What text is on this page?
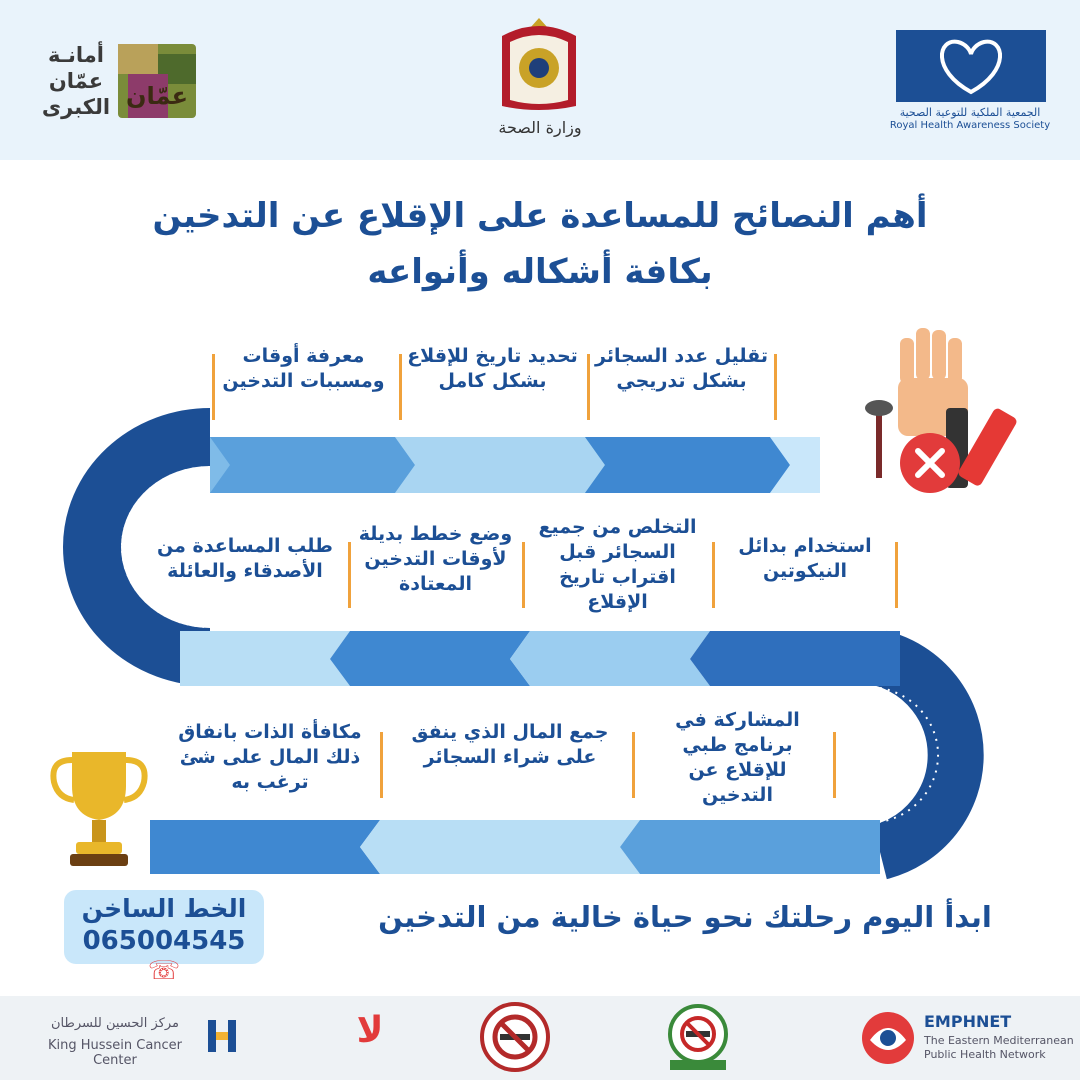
أمانـة
عمّان
الكبرى عمّان
وزارة الصحة
الجمعية الملكية للتوعية الصحية
Royal Health Awareness Society
أهم النصائح للمساعدة على الإقلاع عن التدخين
بكافة أشكاله وأنواعه
تقليل عدد السجائر بشكل تدريجي
تحديد تاريخ للإقلاع بشكل كامل
معرفة أوقات ومسببات التدخين
استخدام بدائل النيكوتين
التخلص من جميع السجائر قبل اقتراب تاريخ الإقلاع
وضع خطط بديلة لأوقات التدخين المعتادة
طلب المساعدة من الأصدقاء والعائلة
المشاركة في برنامج طبي للإقلاع عن التدخين
جمع المال الذي ينفق على شراء السجائر
مكافأة الذات بانفاق ذلك المال على شئ ترغب به
الخط الساخن
065004545 ☏
ابدأ اليوم رحلتك نحو حياة خالية من التدخين
مركز الحسين للسرطان
King Hussein Cancer Center
لا	EMPHNET
The Eastern Mediterranean
Public Health Network
